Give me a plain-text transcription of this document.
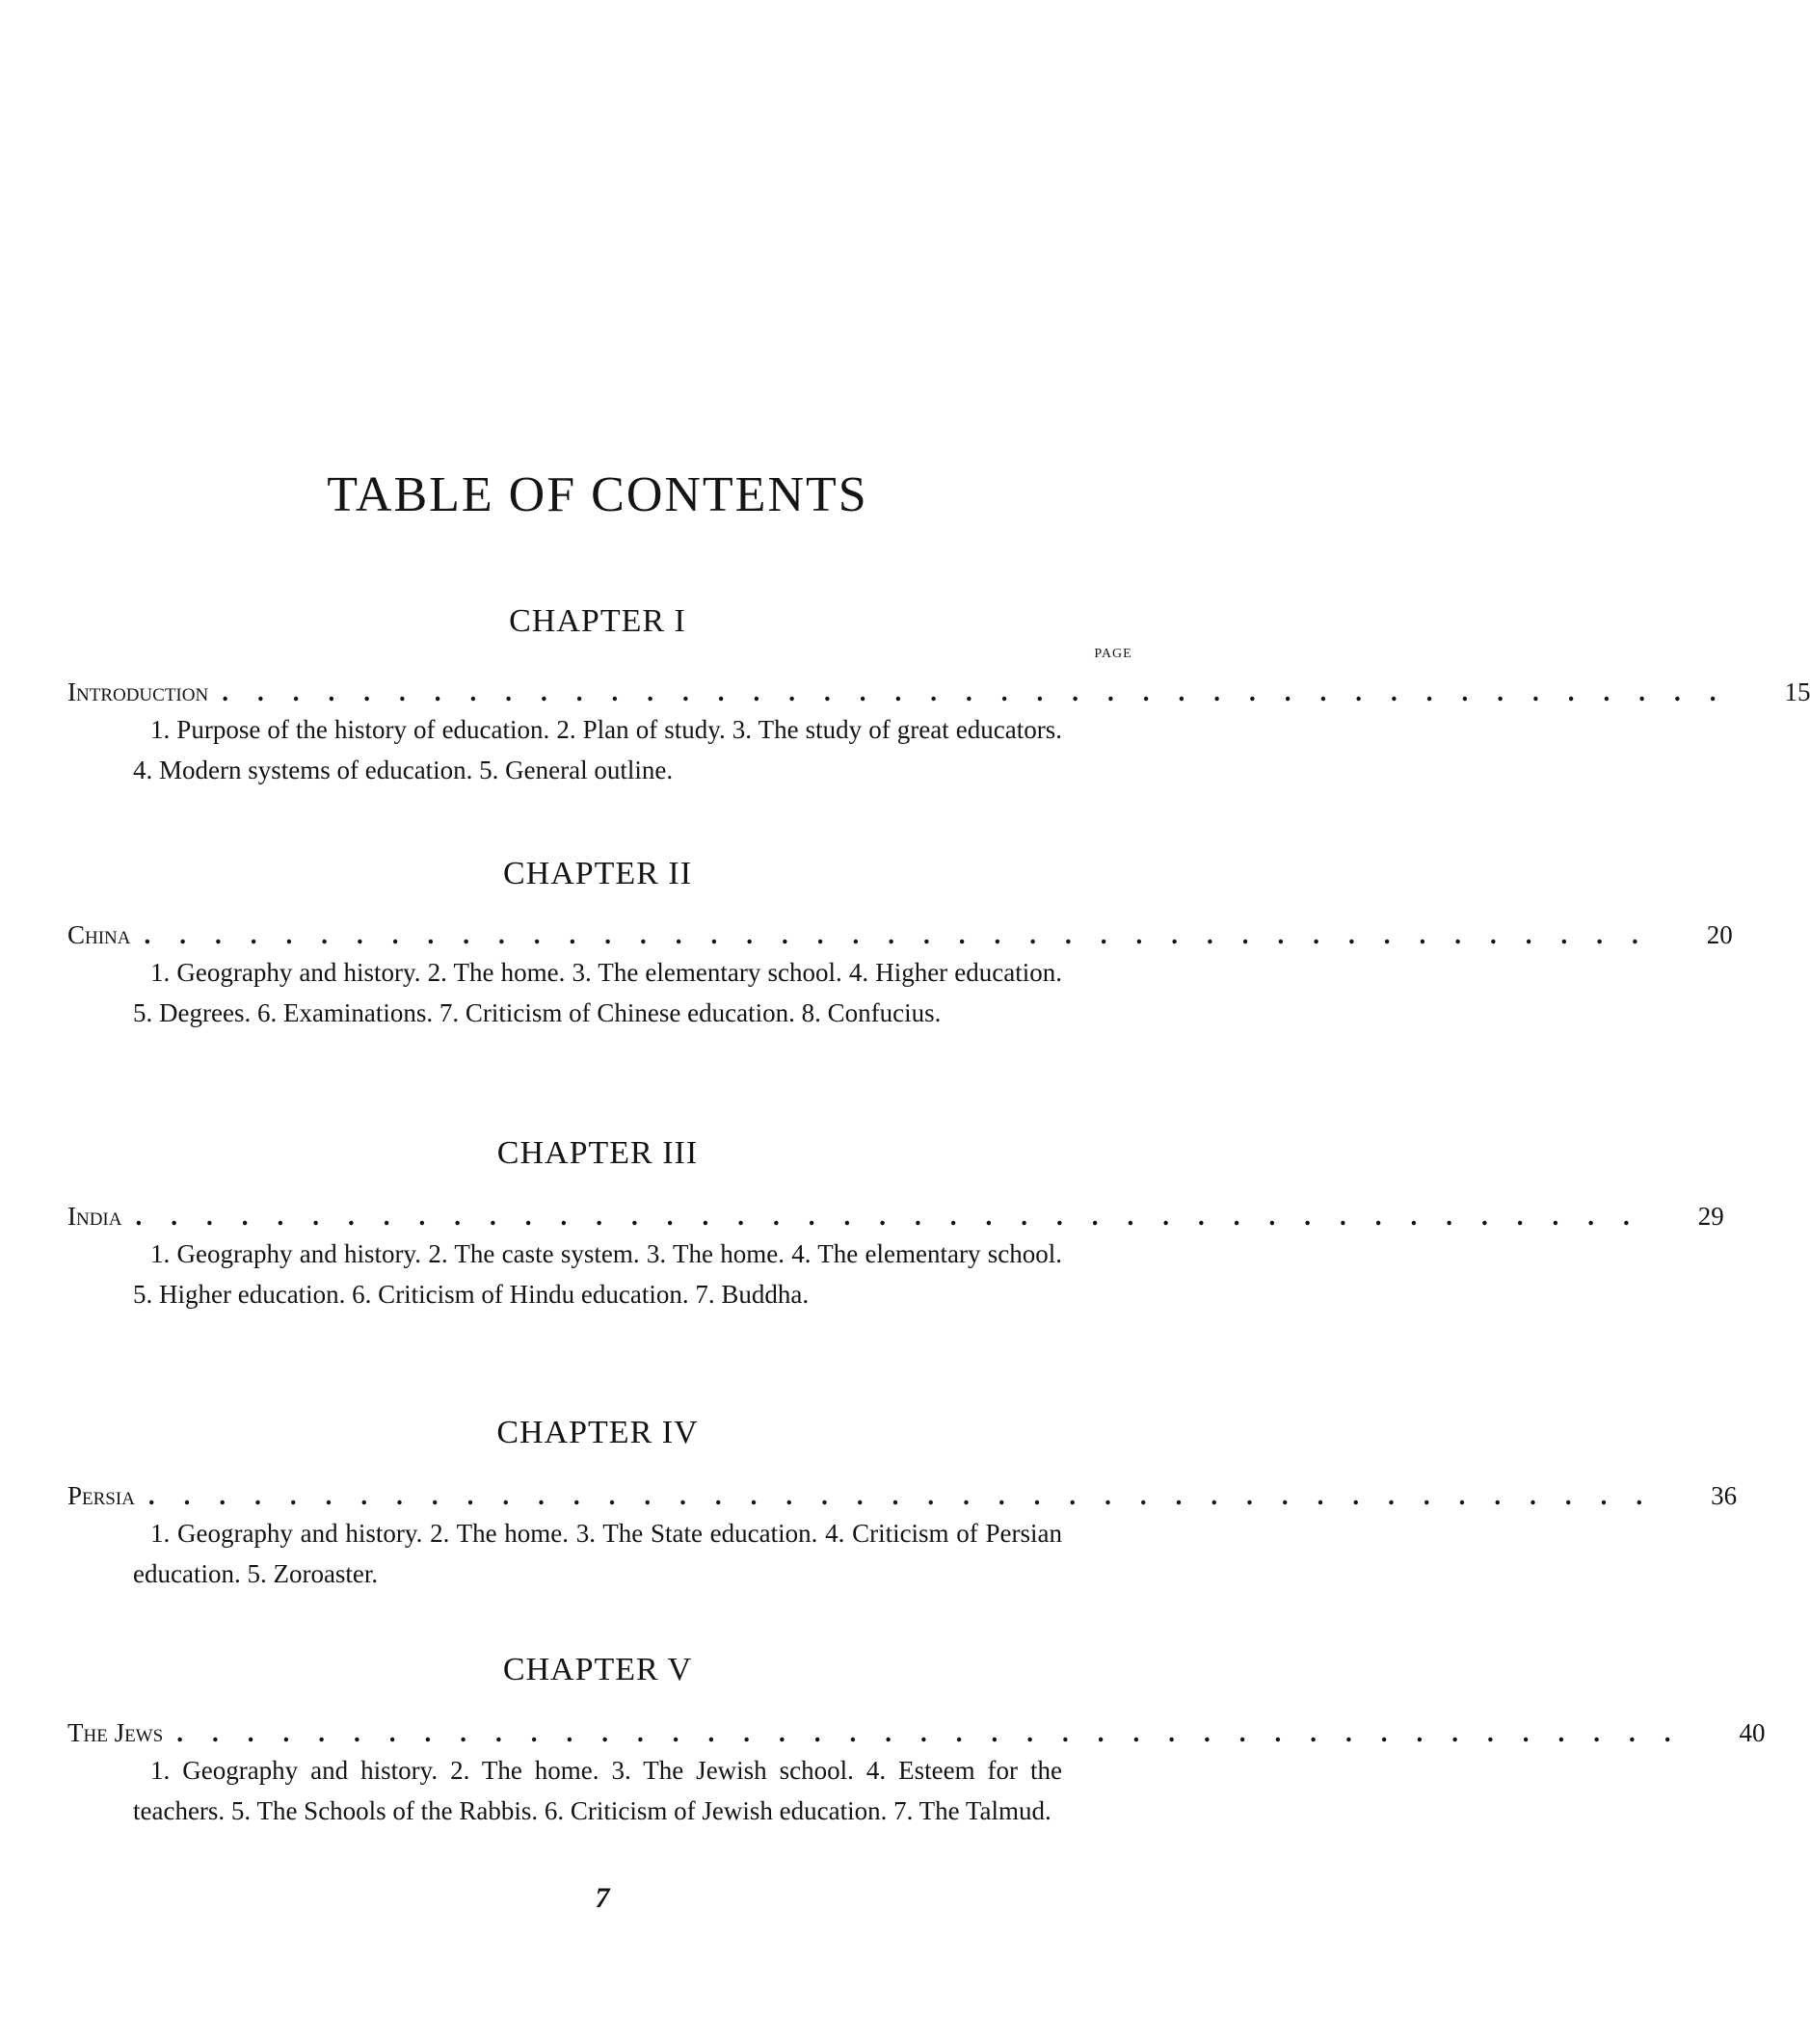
TABLE OF CONTENTS
CHAPTER I
PAGE
Introduction ...........................................	15

1. Purpose of the history of education. 2. Plan of study. 3. The study of great educators. 4. Modern systems of education. 5. General outline.

CHAPTER II
China ...........................................	20

1. Geography and history. 2. The home. 3. The elementary school. 4. Higher education. 5. Degrees. 6. Examinations. 7. Criticism of Chinese education. 8. Confucius.

CHAPTER III
India ...........................................	29

1. Geography and history. 2. The caste system. 3. The home. 4. The elementary school. 5. Higher education. 6. Criticism of Hindu education. 7. Buddha.

CHAPTER IV
Persia ...........................................	36

1. Geography and history. 2. The home. 3. The State education. 4. Criticism of Persian education. 5. Zoroaster.

CHAPTER V
The Jews ...........................................	40

1. Geography and history. 2. The home. 3. The Jewish school. 4. Esteem for the teachers. 5. The Schools of the Rabbis. 6. Criticism of Jewish education. 7. The Talmud.

7
